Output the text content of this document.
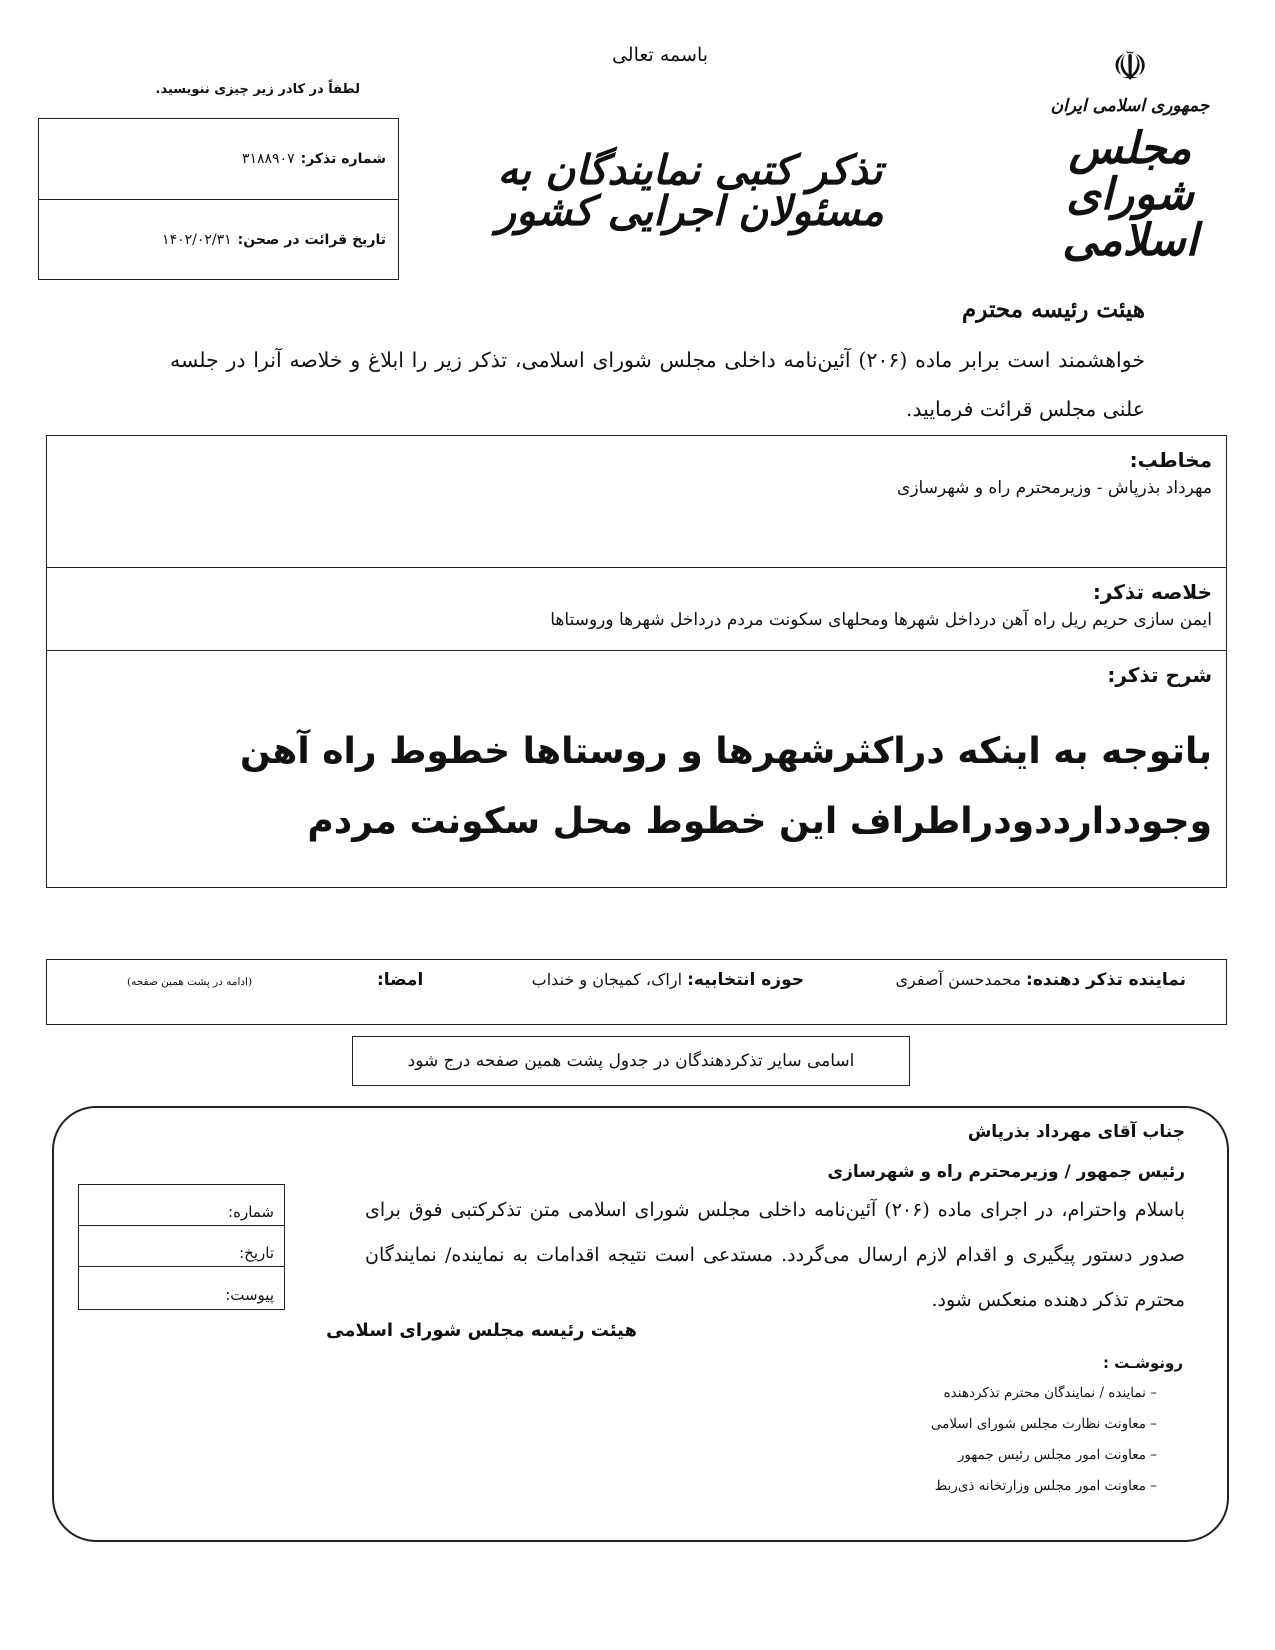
باسمه تعالی
لطفاً در کادر زیر چیزی ننویسید.
شماره تذکر:
۳۱۸۸۹۰۷
تاریخ قرائت در صحن:
۱۴۰۲/۰۲/۳۱
تذکر کتبی نمایندگان به مسئولان اجرایی کشور
☫
جمهوری اسلامی ایران
مجلس شورای اسلامی
هیئت رئیسه محترم
خواهشمند است برابر ماده (۲۰۶) آئین‌نامه داخلی مجلس شورای اسلامی، تذکر زیر را ابلاغ و خلاصه آنرا در جلسه علنی مجلس قرائت فرمایید.
مخاطب:
مهرداد بذرپاش - وزیرمحترم راه و شهرسازی
خلاصه تذکر:
ایمن سازی حریم ریل راه آهن درداخل شهرها ومحلهای سکونت مردم درداخل شهرها وروستاها
شرح تذکر:
باتوجه به اینکه دراکثرشهرها و روستاها خطوط راه آهن وجوددارددودراطراف این خطوط محل سکونت مردم
نماینده تذکر دهنده: محمدحسن آصفری
حوزه انتخابیه: اراک، کمیجان و خنداب
امضا:
(ادامه در پشت همین صفحه)
اسامی سایر تذکردهندگان در جدول پشت همین صفحه درج شود
جناب آقای مهرداد بذرپاش
رئیس جمهور / وزیرمحترم راه و شهرسازی
باسلام واحترام، در اجرای ماده (۲۰۶) آئین‌نامه داخلی مجلس شورای اسلامی متن تذکرکتبی فوق برای صدور دستور پیگیری و اقدام لازم ارسال می‌گردد. مستدعی است نتیجه اقدامات به نماینده/ نمایندگان محترم تذکر دهنده منعکس شود.
هیئت رئیسه مجلس شورای اسلامی
رونوشـت :
– نماینده / نمایندگان محترم تذکردهنده
– معاونت نظارت مجلس شورای اسلامی
– معاونت امور مجلس رئیس جمهور
– معاونت امور مجلس وزارتخانه ذی‌ربط
شماره:
تاریخ:
پیوست:
